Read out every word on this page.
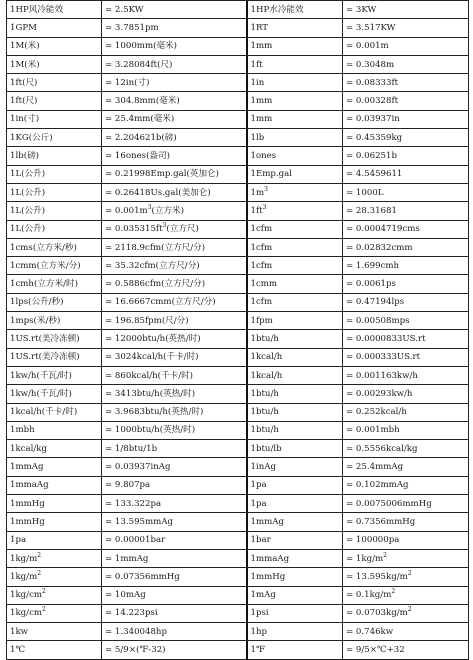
1HP风冷能效	= 2.5KW	1HP水冷能效	= 3KW
1GPM	= 3.7851pm	1RT	= 3.517KW
1M(米)	= 1000mm(毫米)	1mm	= 0.001m
1M(米)	= 3.28084ft(尺)	1ft	= 0.3048m
1ft(尺)	= 12in(寸)	1in	= 0.08333ft
1ft(尺)	= 304.8mm(毫米)	1mm	= 0.00328ft
1in(寸)	= 25.4mm(毫米)	1mm	= 0.03937in
1KG(公斤)	= 2.204621b(磅)	1lb	= 0.45359kg
1lb(磅)	= 16ones(盎司)	1ones	= 0.06251b
1L(公升)	= 0.21998Emp.gal(英加仑)	1Emp.gal	= 4.5459611
1L(公升)	= 0.26418Us.gal(美加仑)	$1m^3$	= 1000L
1L(公升)	= $0.001m^3$(立方米)	$1ft^3$	= 28.31681
1L(公升)	= $0.035315ft^3$(立方尺)	1cfm	= 0.0004719cms
1cms(立方米/秒)	= 2118.9cfm(立方尺/分)	1cfm	= 0.02832cmm
1cmm(立方米/分)	= 35.32cfm(立方尺/分)	1cfm	= 1.699cmh
1cmh(立方米/时)	= 0.5886cfm(立方尺/分)	1cmm	= 0.0061ps
1lps(公升/秒)	= 16.6667cmm(立方尺/分)	1cfm	= 0.47194lps
1mps(米/秒)	= 196.85fpm(尺/分)	1fpm	= 0.00508mps
1US.rt(美冷冻顿)	= 12000btu/h(英热/时)	1btu/h	= 0.0000833US.rt
1US.rt(美冷冻顿)	= 3024kcal/h(千卡/时)	1kcal/h	= 0.000333US.rt
1kw/h(千瓦/时)	= 860kcal/h(千卡/时)	1kcal/h	= 0.001163kw/h
1kw/h(千瓦/时)	= 3413btu/h(英热/时)	1btu/h	= 0.00293kw/h
1kcal/h(千卡/时)	= 3.9683btu/h(英热/时)	1btu/h	= 0.252kcal/h
1mbh	= 1000btu/h(英热/时)	1btu/h	= 0.001mbh
1kcal/kg	= 1/8btu/1b	1btu/lb	= 0.5556kcal/kg
1mmAg	= 0.03937inAg	1inAg	= 25.4mmAg
1mmaAg	= 9.807pa	1pa	= 0.102mmAg
1mmHg	= 133.322pa	1pa	= 0.0075006mmHg
1mmHg	= 13.595mmAg	1mmAg	= 0.7356mmHg
1pa	= 0.00001bar	1bar	= 100000pa
$1kg/m^2$	= 1mmAg	1mmaAg	= $1kg/m^2$
$1kg/m^2$	= 0.07356mmHg	1mmHg	= $13.595kg/m^2$
$1kg/cm^2$	= 10mAg	1mAg	= $0.1kg/m^2$
$1kg/cm^2$	= 14.223psi	1psi	= $0.0703kg/m^2$
1kw	= 1.340048hp	1hp	= 0.746kw
1℃	= 5/9×(℉-32)	1℉	= 9/5×℃+32
